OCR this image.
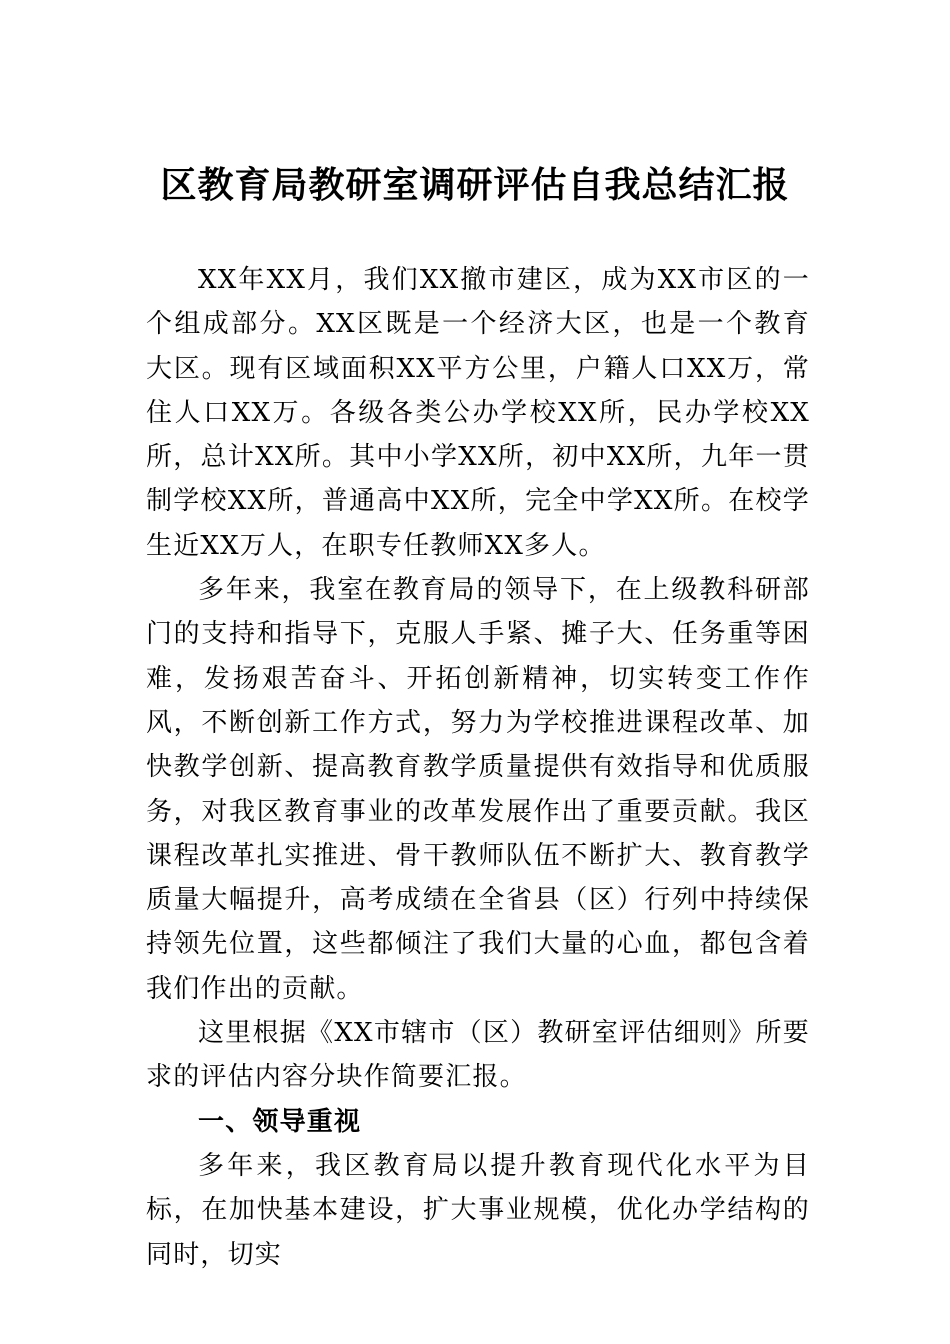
区教育局教研室调研评估自我总结汇报

XX年XX月，我们XX撤市建区，成为XX市区的一个组成部分。XX区既是一个经济大区，也是一个教育大区。现有区域面积XX平方公里，户籍人口XX万，常住人口XX万。各级各类公办学校XX所，民办学校XX所，总计XX所。其中小学XX所，初中XX所，九年一贯制学校XX所，普通高中XX所，完全中学XX所。在校学生近XX万人，在职专任教师XX多人。

多年来，我室在教育局的领导下，在上级教科研部门的支持和指导下，克服人手紧、摊子大、任务重等困难，发扬艰苦奋斗、开拓创新精神，切实转变工作作风，不断创新工作方式，努力为学校推进课程改革、加快教学创新、提高教育教学质量提供有效指导和优质服务，对我区教育事业的改革发展作出了重要贡献。我区课程改革扎实推进、骨干教师队伍不断扩大、教育教学质量大幅提升，高考成绩在全省县（区）行列中持续保持领先位置，这些都倾注了我们大量的心血，都包含着我们作出的贡献。

这里根据《XX市辖市（区）教研室评估细则》所要求的评估内容分块作简要汇报。

一、领导重视

多年来，我区教育局以提升教育现代化水平为目标，在加快基本建设，扩大事业规模，优化办学结构的同时，切实
